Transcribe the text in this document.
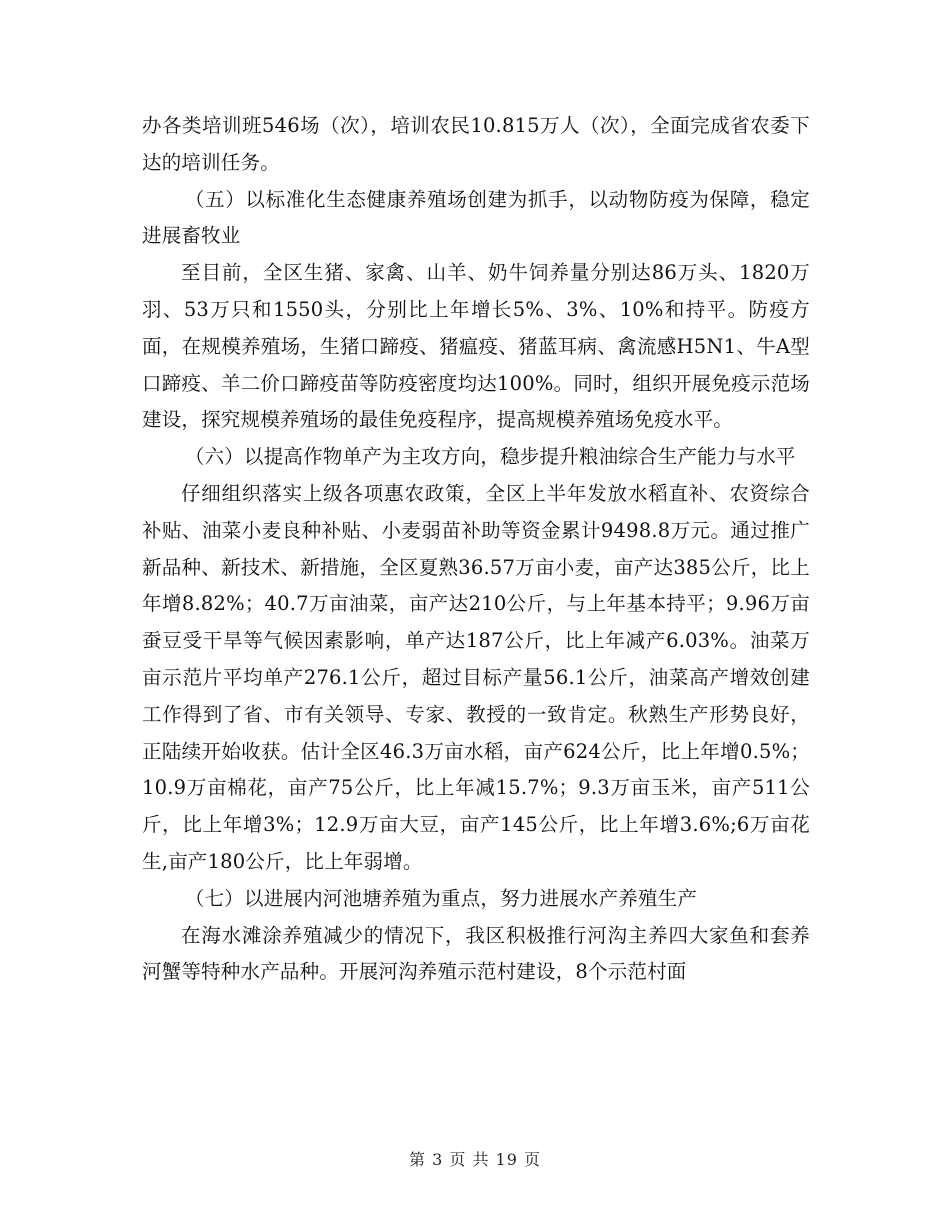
办各类培训班546场（次），培训农民10.815万人（次），全面完成省农委下达的培训任务。

（五）以标准化生态健康养殖场创建为抓手，以动物防疫为保障，稳定进展畜牧业

至目前，全区生猪、家禽、山羊、奶牛饲养量分别达86万头、1820万羽、53万只和1550头，分别比上年增长5%、3%、10%和持平。防疫方面，在规模养殖场，生猪口蹄疫、猪瘟疫、猪蓝耳病、禽流感H5N1、牛A型口蹄疫、羊二价口蹄疫苗等防疫密度均达100%。同时，组织开展免疫示范场建设，探究规模养殖场的最佳免疫程序，提高规模养殖场免疫水平。

（六）以提高作物单产为主攻方向，稳步提升粮油综合生产能力与水平

仔细组织落实上级各项惠农政策，全区上半年发放水稻直补、农资综合补贴、油菜小麦良种补贴、小麦弱苗补助等资金累计9498.8万元。通过推广新品种、新技术、新措施，全区夏熟36.57万亩小麦，亩产达385公斤，比上年增8.82%；40.7万亩油菜，亩产达210公斤，与上年基本持平；9.96万亩蚕豆受干旱等气候因素影响，单产达187公斤，比上年减产6.03%。油菜万亩示范片平均单产276.1公斤，超过目标产量56.1公斤，油菜高产增效创建工作得到了省、市有关领导、专家、教授的一致肯定。秋熟生产形势良好，正陆续开始收获。估计全区46.3万亩水稻，亩产624公斤，比上年增0.5%；10.9万亩棉花，亩产75公斤，比上年减15.7%；9.3万亩玉米，亩产511公斤，比上年增3%；12.9万亩大豆，亩产145公斤，比上年增3.6%;6万亩花生,亩产180公斤，比上年弱增。

（七）以进展内河池塘养殖为重点，努力进展水产养殖生产

在海水滩涂养殖减少的情况下，我区积极推行河沟主养四大家鱼和套养河蟹等特种水产品种。开展河沟养殖示范村建设，8个示范村面

第 3 页 共 19 页
